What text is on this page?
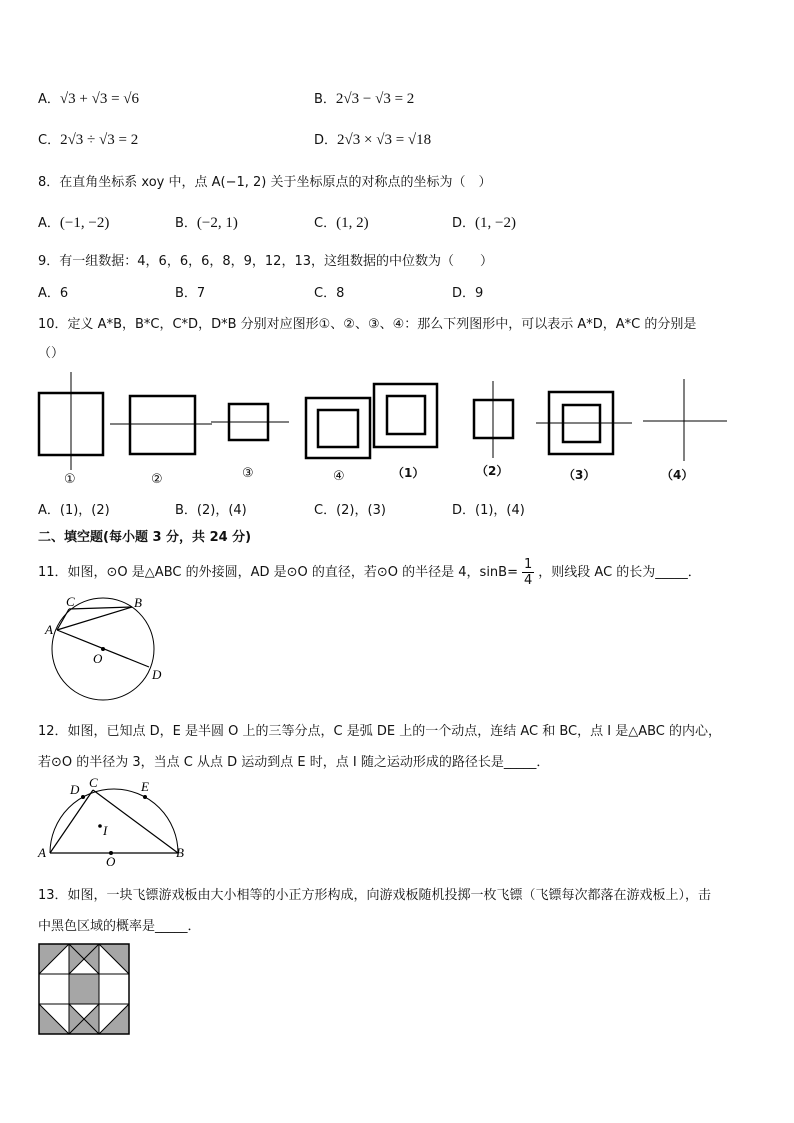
A．√3 + √3 = √6	B．2√3 − √3 = 2
C．2√3 ÷ √3 = 2	D．2√3 × √3 = √18
8．在直角坐标系 xoy 中，点 A(−1, 2) 关于坐标原点的对称点的坐标为（　）
A．(−1, −2)	B．(−2, 1)	C．(1, 2)	D．(1, −2)
9．有一组数据：4，6，6，6，8，9，12，13，这组数据的中位数为（　　）
A．6	B．7	C．8	D．9
10．定义 A*B，B*C，C*D，D*B 分别对应图形①、②、③、④：那么下列图形中，可以表示 A*D，A*C 的分别是
（）
①	②	③	④	（1）	（2）	（3）	（4）
A．(1)，(2)	B．(2)，(4)	C．(2)，(3)	D．(1)，(4)
二、填空题(每小题 3 分，共 24 分)
11．如图，⊙O 是△ABC 的外接圆，AD 是⊙O 的直径，若⊙O 的半径是 4，$\sin B= \frac{1}{4}$ ，则线段 AC 的长为_____．
C	B
A
O
D
12．如图，已知点 D，E 是半圆 O 上的三等分点，C 是弧 DE 上的一个动点，连结 AC 和 BC，点 I 是△ABC 的内心，
若⊙O 的半径为 3，当点 C 从点 D 运动到点 E 时，点 I 随之运动形成的路径长是_____．
D C	E
I
A
O
B
13．如图，一块飞镖游戏板由大小相等的小正方形构成，向游戏板随机投掷一枚飞镖（飞镖每次都落在游戏板上），击
中黑色区域的概率是_____．
